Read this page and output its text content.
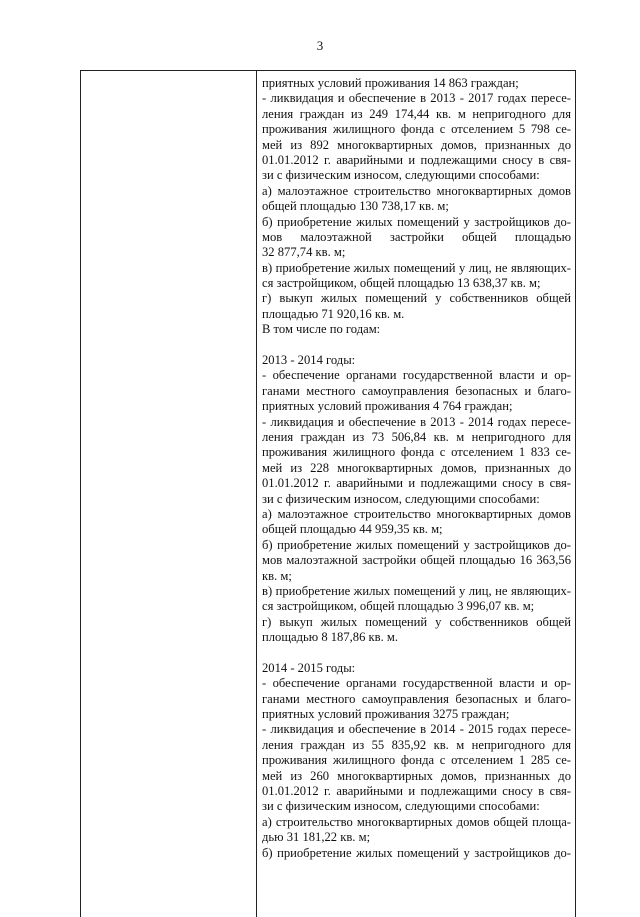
3
приятных условий проживания 14 863 граждан;
- ликвидация и обеспечение в 2013 - 2017 годах пересе-
ления граждан из 249 174,44 кв. м непригодного для
проживания жилищного фонда с отселением 5 798 се-
мей из 892 многоквартирных домов, признанных до
01.01.2012 г. аварийными и подлежащими сносу в свя-
зи с физическим износом, следующими способами:
а) малоэтажное строительство многоквартирных домов
общей площадью 130 738,17 кв. м;
б) приобретение жилых помещений у застройщиков до-
мов малоэтажной застройки общей площадью
32 877,74 кв. м;
в) приобретение жилых помещений у лиц, не являющих-
ся застройщиком, общей площадью 13 638,37 кв. м;
г) выкуп жилых помещений у собственников общей
площадью 71 920,16 кв. м.
В том числе по годам:
2013 - 2014 годы:
- обеспечение органами государственной власти и ор-
ганами местного самоуправления безопасных и благо-
приятных условий проживания 4 764 граждан;
- ликвидация и обеспечение в 2013 - 2014 годах пересе-
ления граждан из 73 506,84 кв. м непригодного для
проживания жилищного фонда с отселением 1 833 се-
мей из 228 многоквартирных домов, признанных до
01.01.2012 г. аварийными и подлежащими сносу в свя-
зи с физическим износом, следующими способами:
а) малоэтажное строительство многоквартирных домов
общей площадью 44 959,35 кв. м;
б) приобретение жилых помещений у застройщиков до-
мов малоэтажной застройки общей площадью 16 363,56
кв. м;
в) приобретение жилых помещений у лиц, не являющих-
ся застройщиком, общей площадью 3 996,07 кв. м;
г) выкуп жилых помещений у собственников общей
площадью 8 187,86 кв. м.
2014 - 2015 годы:
- обеспечение органами государственной власти и ор-
ганами местного самоуправления безопасных и благо-
приятных условий проживания 3275 граждан;
- ликвидация и обеспечение в 2014 - 2015 годах пересе-
ления граждан из 55 835,92 кв. м непригодного для
проживания жилищного фонда с отселением 1 285 се-
мей из 260 многоквартирных домов, признанных до
01.01.2012 г. аварийными и подлежащими сносу в свя-
зи с физическим износом, следующими способами:
а) строительство многоквартирных домов общей площа-
дью 31 181,22 кв. м;
б) приобретение жилых помещений у застройщиков до-
